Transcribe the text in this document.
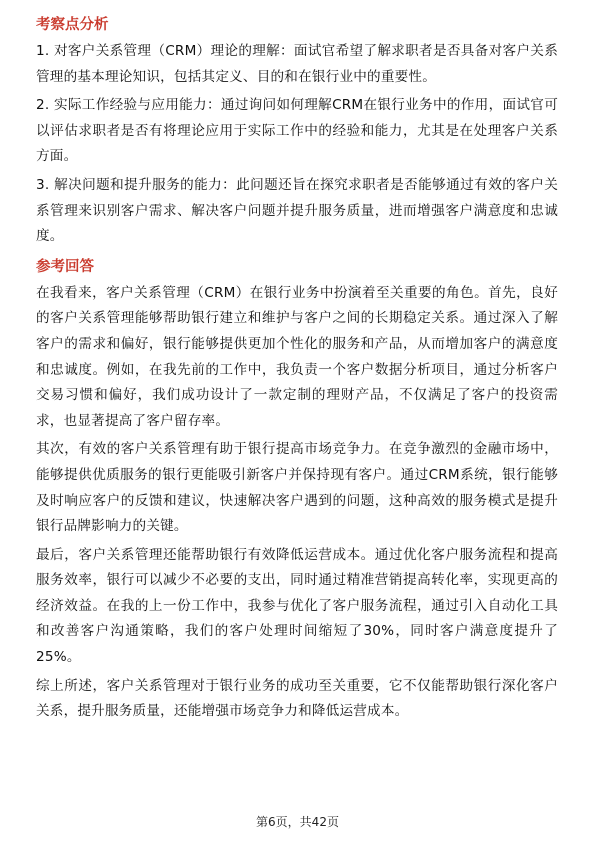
考察点分析

1. 对客户关系管理（CRM）理论的理解：面试官希望了解求职者是否具备对客户关系管理的基本理论知识，包括其定义、目的和在银行业中的重要性。

2. 实际工作经验与应用能力：通过询问如何理解CRM在银行业务中的作用，面试官可以评估求职者是否有将理论应用于实际工作中的经验和能力，尤其是在处理客户关系方面。

3. 解决问题和提升服务的能力：此问题还旨在探究求职者是否能够通过有效的客户关系管理来识别客户需求、解决客户问题并提升服务质量，进而增强客户满意度和忠诚度。

参考回答

在我看来，客户关系管理（CRM）在银行业务中扮演着至关重要的角色。首先，良好的客户关系管理能够帮助银行建立和维护与客户之间的长期稳定关系。通过深入了解客户的需求和偏好，银行能够提供更加个性化的服务和产品，从而增加客户的满意度和忠诚度。例如，在我先前的工作中，我负责一个客户数据分析项目，通过分析客户交易习惯和偏好，我们成功设计了一款定制的理财产品，不仅满足了客户的投资需求，也显著提高了客户留存率。

其次，有效的客户关系管理有助于银行提高市场竞争力。在竞争激烈的金融市场中，能够提供优质服务的银行更能吸引新客户并保持现有客户。通过CRM系统，银行能够及时响应客户的反馈和建议，快速解决客户遇到的问题，这种高效的服务模式是提升银行品牌影响力的关键。

最后，客户关系管理还能帮助银行有效降低运营成本。通过优化客户服务流程和提高服务效率，银行可以减少不必要的支出，同时通过精准营销提高转化率，实现更高的经济效益。在我的上一份工作中，我参与优化了客户服务流程，通过引入自动化工具和改善客户沟通策略，我们的客户处理时间缩短了30%，同时客户满意度提升了25%。

综上所述，客户关系管理对于银行业务的成功至关重要，它不仅能帮助银行深化客户关系，提升服务质量，还能增强市场竞争力和降低运营成本。

第6页，共42页
